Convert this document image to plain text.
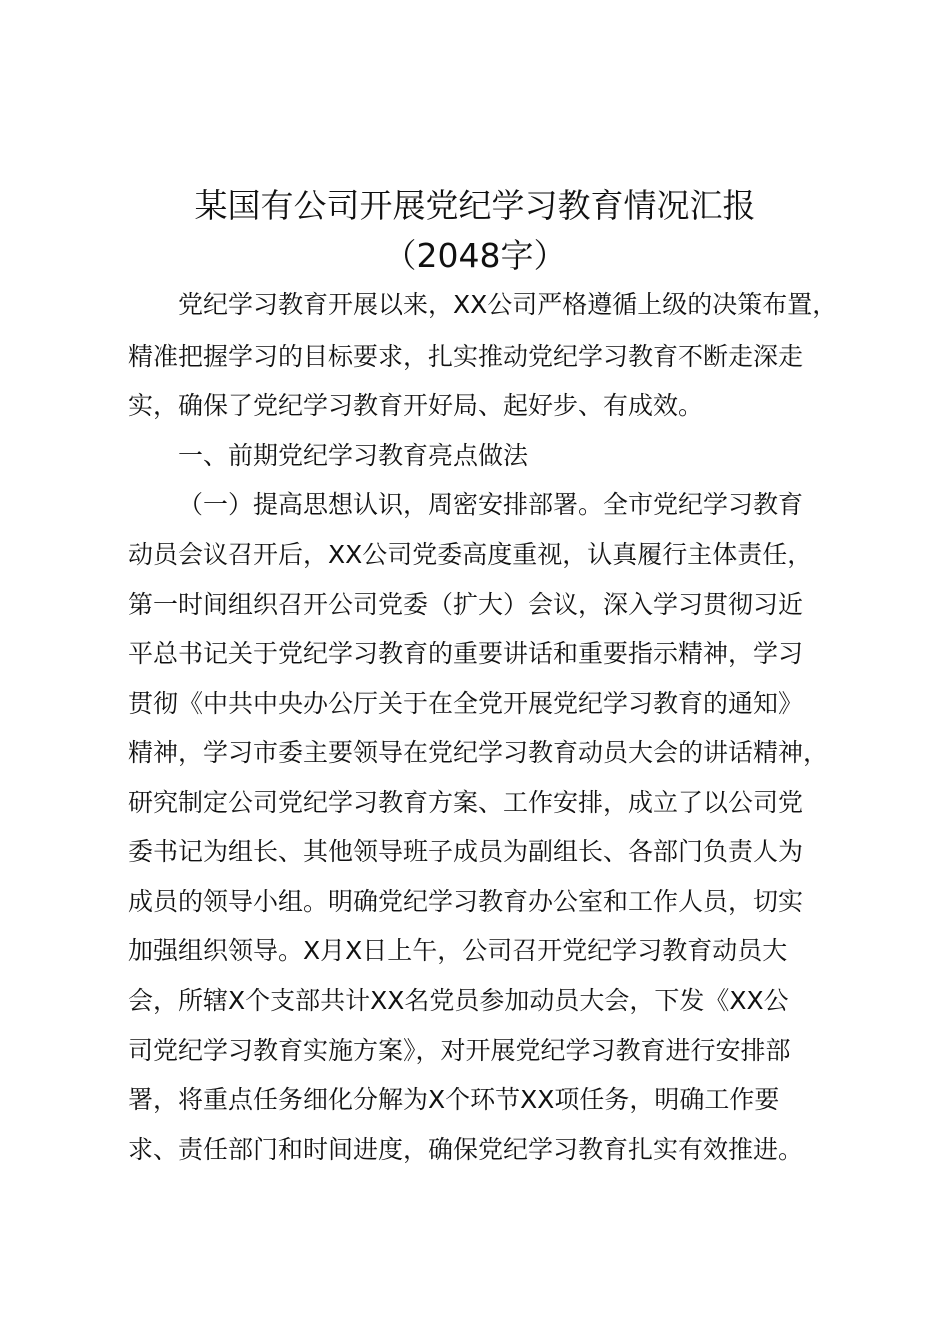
某国有公司开展党纪学习教育情况汇报
（2048字）
党纪学习教育开展以来，XX公司严格遵循上级的决策布置，
精准把握学习的目标要求，扎实推动党纪学习教育不断走深走
实，确保了党纪学习教育开好局、起好步、有成效。
一、前期党纪学习教育亮点做法
（一）提高思想认识，周密安排部署。全市党纪学习教育
动员会议召开后，XX公司党委高度重视，认真履行主体责任，
第一时间组织召开公司党委（扩大）会议，深入学习贯彻习近
平总书记关于党纪学习教育的重要讲话和重要指示精神，学习
贯彻《中共中央办公厅关于在全党开展党纪学习教育的通知》
精神，学习市委主要领导在党纪学习教育动员大会的讲话精神，
研究制定公司党纪学习教育方案、工作安排，成立了以公司党
委书记为组长、其他领导班子成员为副组长、各部门负责人为
成员的领导小组。明确党纪学习教育办公室和工作人员，切实
加强组织领导。X月X日上午，公司召开党纪学习教育动员大
会，所辖X个支部共计XX名党员参加动员大会，下发《XX公
司党纪学习教育实施方案》，对开展党纪学习教育进行安排部
署，将重点任务细化分解为X个环节XX项任务，明确工作要
求、责任部门和时间进度，确保党纪学习教育扎实有效推进。
